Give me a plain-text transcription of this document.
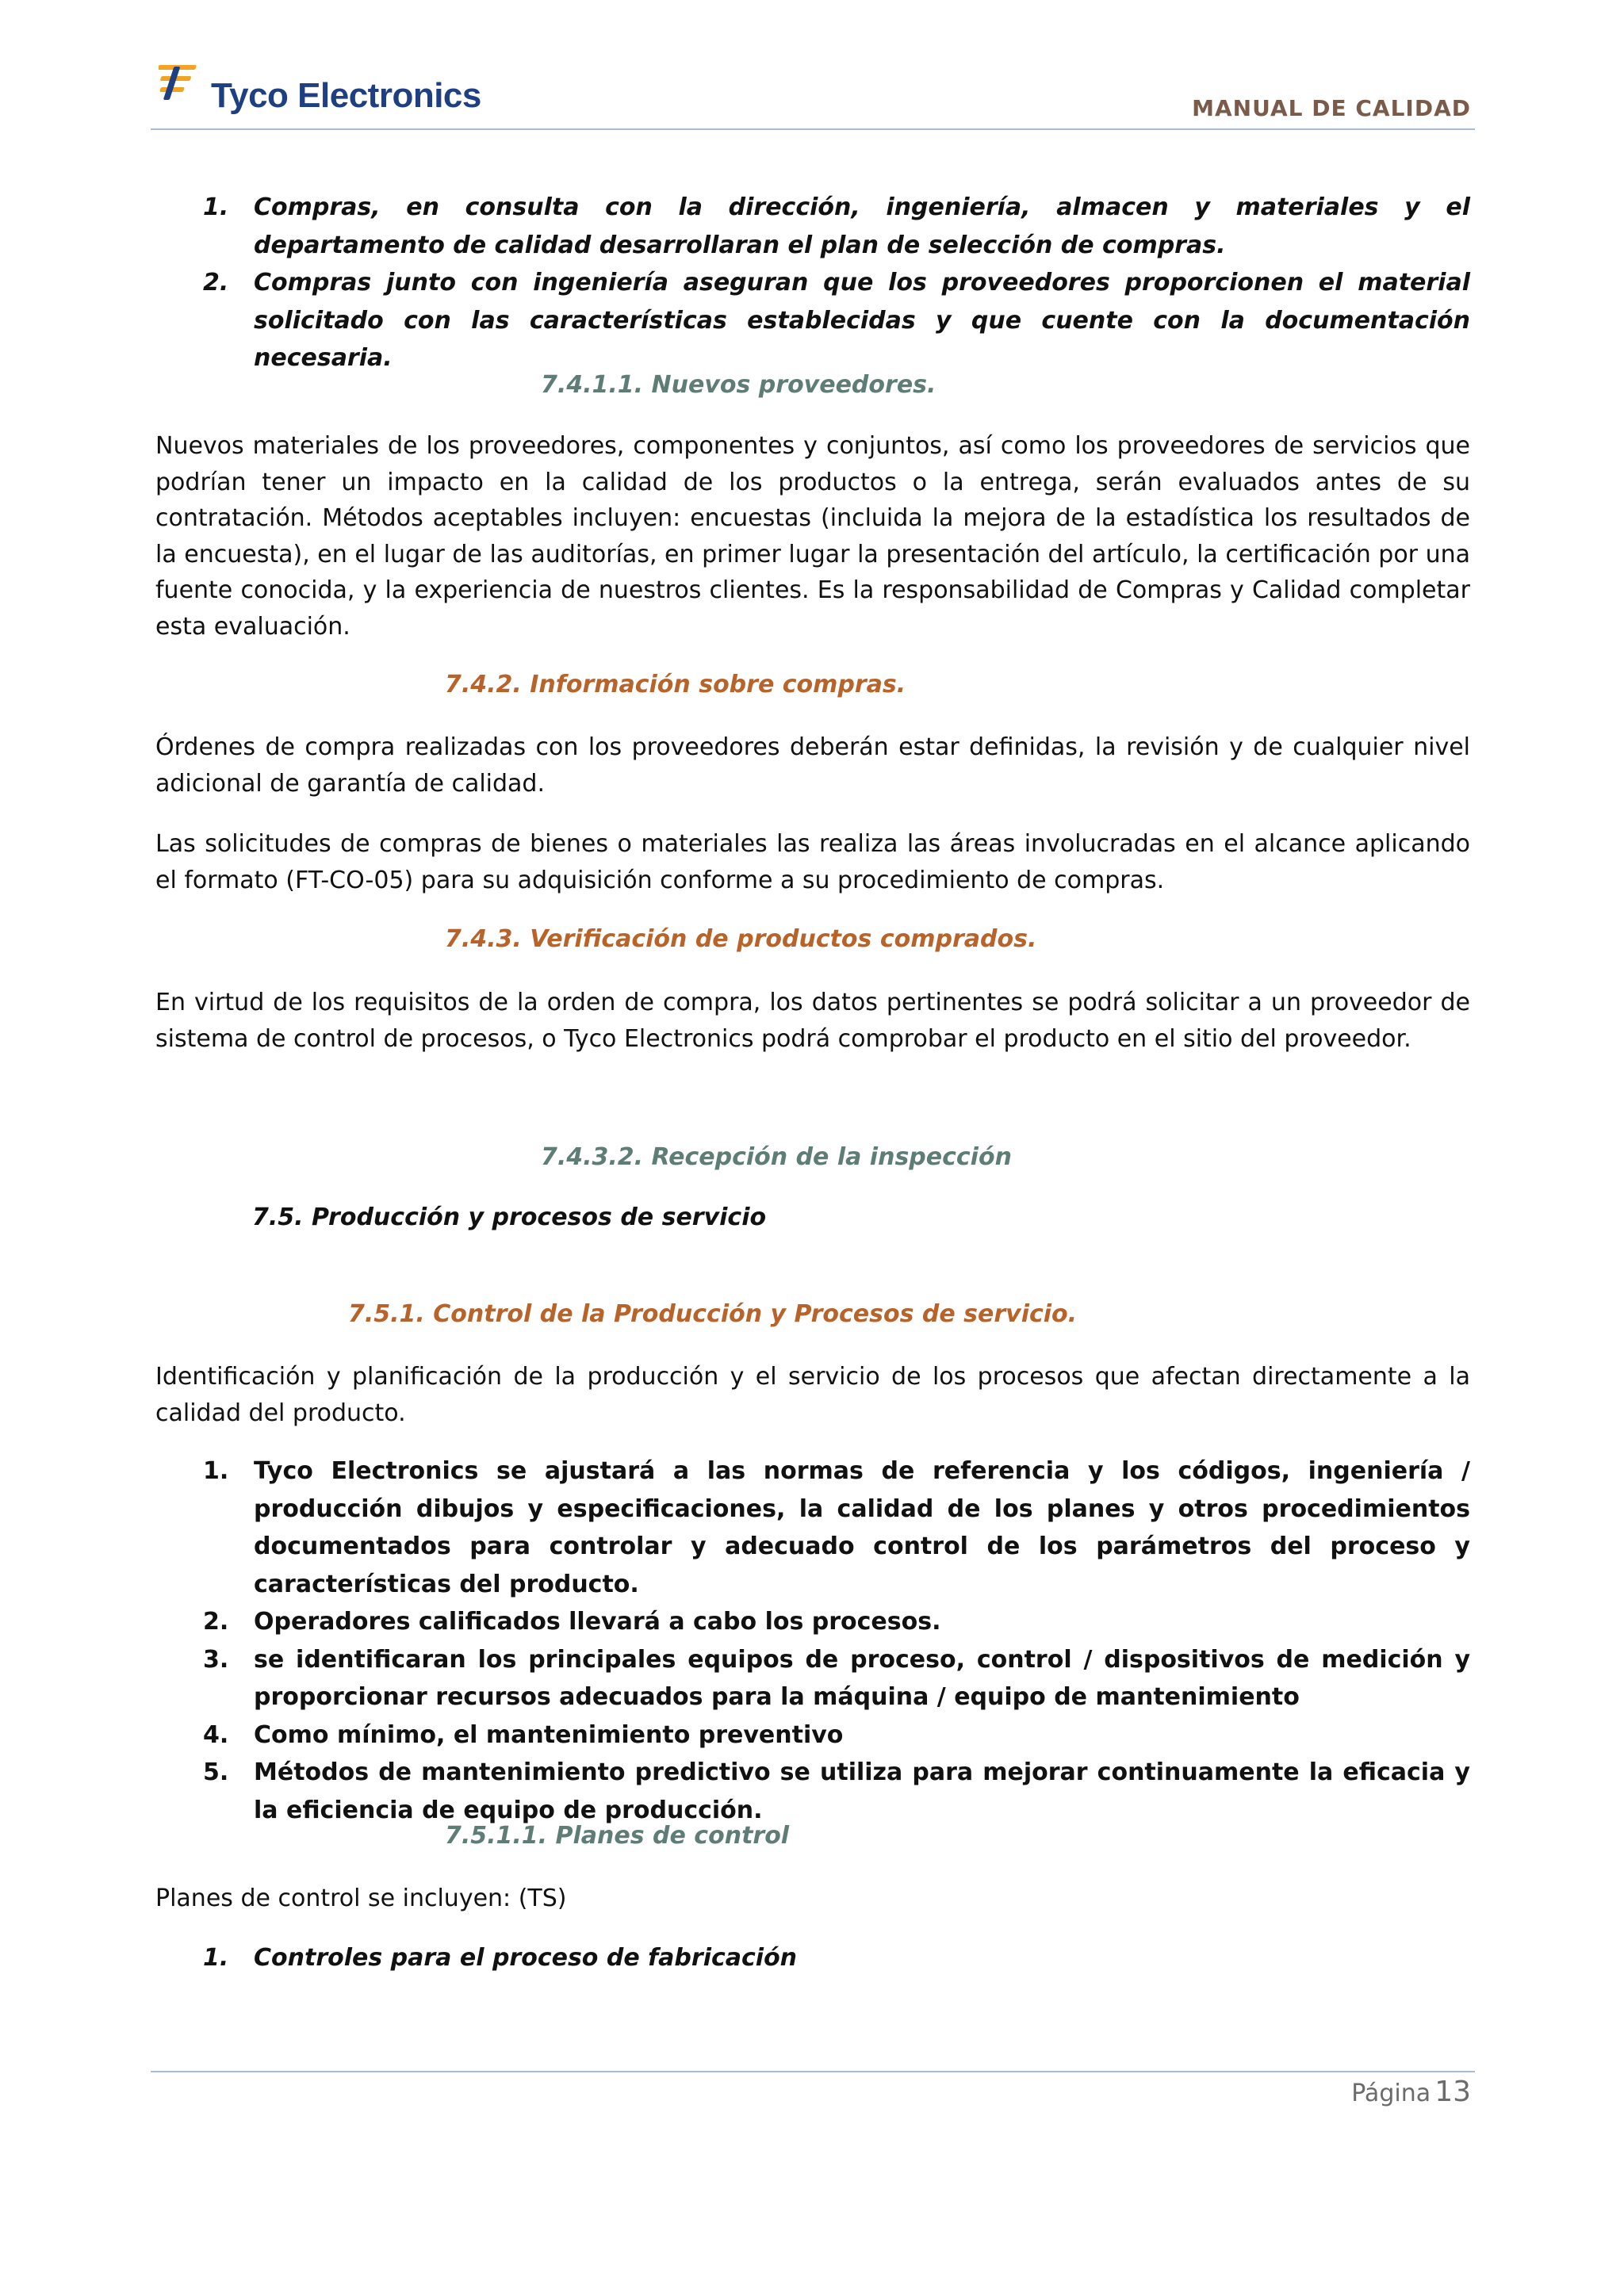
Tyco Electronics	MANUAL DE CALIDAD
1. Compras, en consulta con la dirección, ingeniería, almacen y materiales y el departamento de calidad desarrollaran el plan de selección de compras.
2. Compras junto con ingeniería aseguran que los proveedores proporcionen el material solicitado con las características establecidas y que cuente con la documentación necesaria.
7.4.1.1. Nuevos proveedores.
Nuevos materiales de los proveedores, componentes y conjuntos, así como los proveedores de servicios que podrían tener un impacto en la calidad de los productos o la entrega, serán evaluados antes de su contratación. Métodos aceptables incluyen: encuestas (incluida la mejora de la estadística los resultados de la encuesta), en el lugar de las auditorías, en primer lugar la presentación del artículo, la certificación por una fuente conocida, y la experiencia de nuestros clientes. Es la responsabilidad de Compras y Calidad completar esta evaluación.
7.4.2. Información sobre compras.
Órdenes de compra realizadas con los proveedores deberán estar definidas, la revisión y de cualquier nivel adicional de garantía de calidad.
Las solicitudes de compras de bienes o materiales las realiza las áreas involucradas en el alcance aplicando el formato (FT-CO-05) para su adquisición conforme a su procedimiento de compras.
7.4.3. Verificación de productos comprados.
En virtud de los requisitos de la orden de compra, los datos pertinentes se podrá solicitar a un proveedor de sistema de control de procesos, o Tyco Electronics podrá comprobar el producto en el sitio del proveedor.
7.4.3.2. Recepción de la inspección
7.5. Producción y procesos de servicio
7.5.1. Control de la Producción y Procesos de servicio.
Identificación y planificación de la producción y el servicio de los procesos que afectan directamente a la calidad del producto.
1. Tyco Electronics se ajustará a las normas de referencia y los códigos, ingeniería / producción dibujos y especificaciones, la calidad de los planes y otros procedimientos documentados para controlar y adecuado control de los parámetros del proceso y características del producto.
2. Operadores calificados llevará a cabo los procesos.
3. se identificaran los principales equipos de proceso, control / dispositivos de medición y proporcionar recursos adecuados para la máquina / equipo de mantenimiento
4. Como mínimo, el mantenimiento preventivo
5. Métodos de mantenimiento predictivo se utiliza para mejorar continuamente la eficacia y la eficiencia de equipo de producción.
7.5.1.1. Planes de control
Planes de control se incluyen: (TS)
1. Controles para el proceso de fabricación
Página 13
